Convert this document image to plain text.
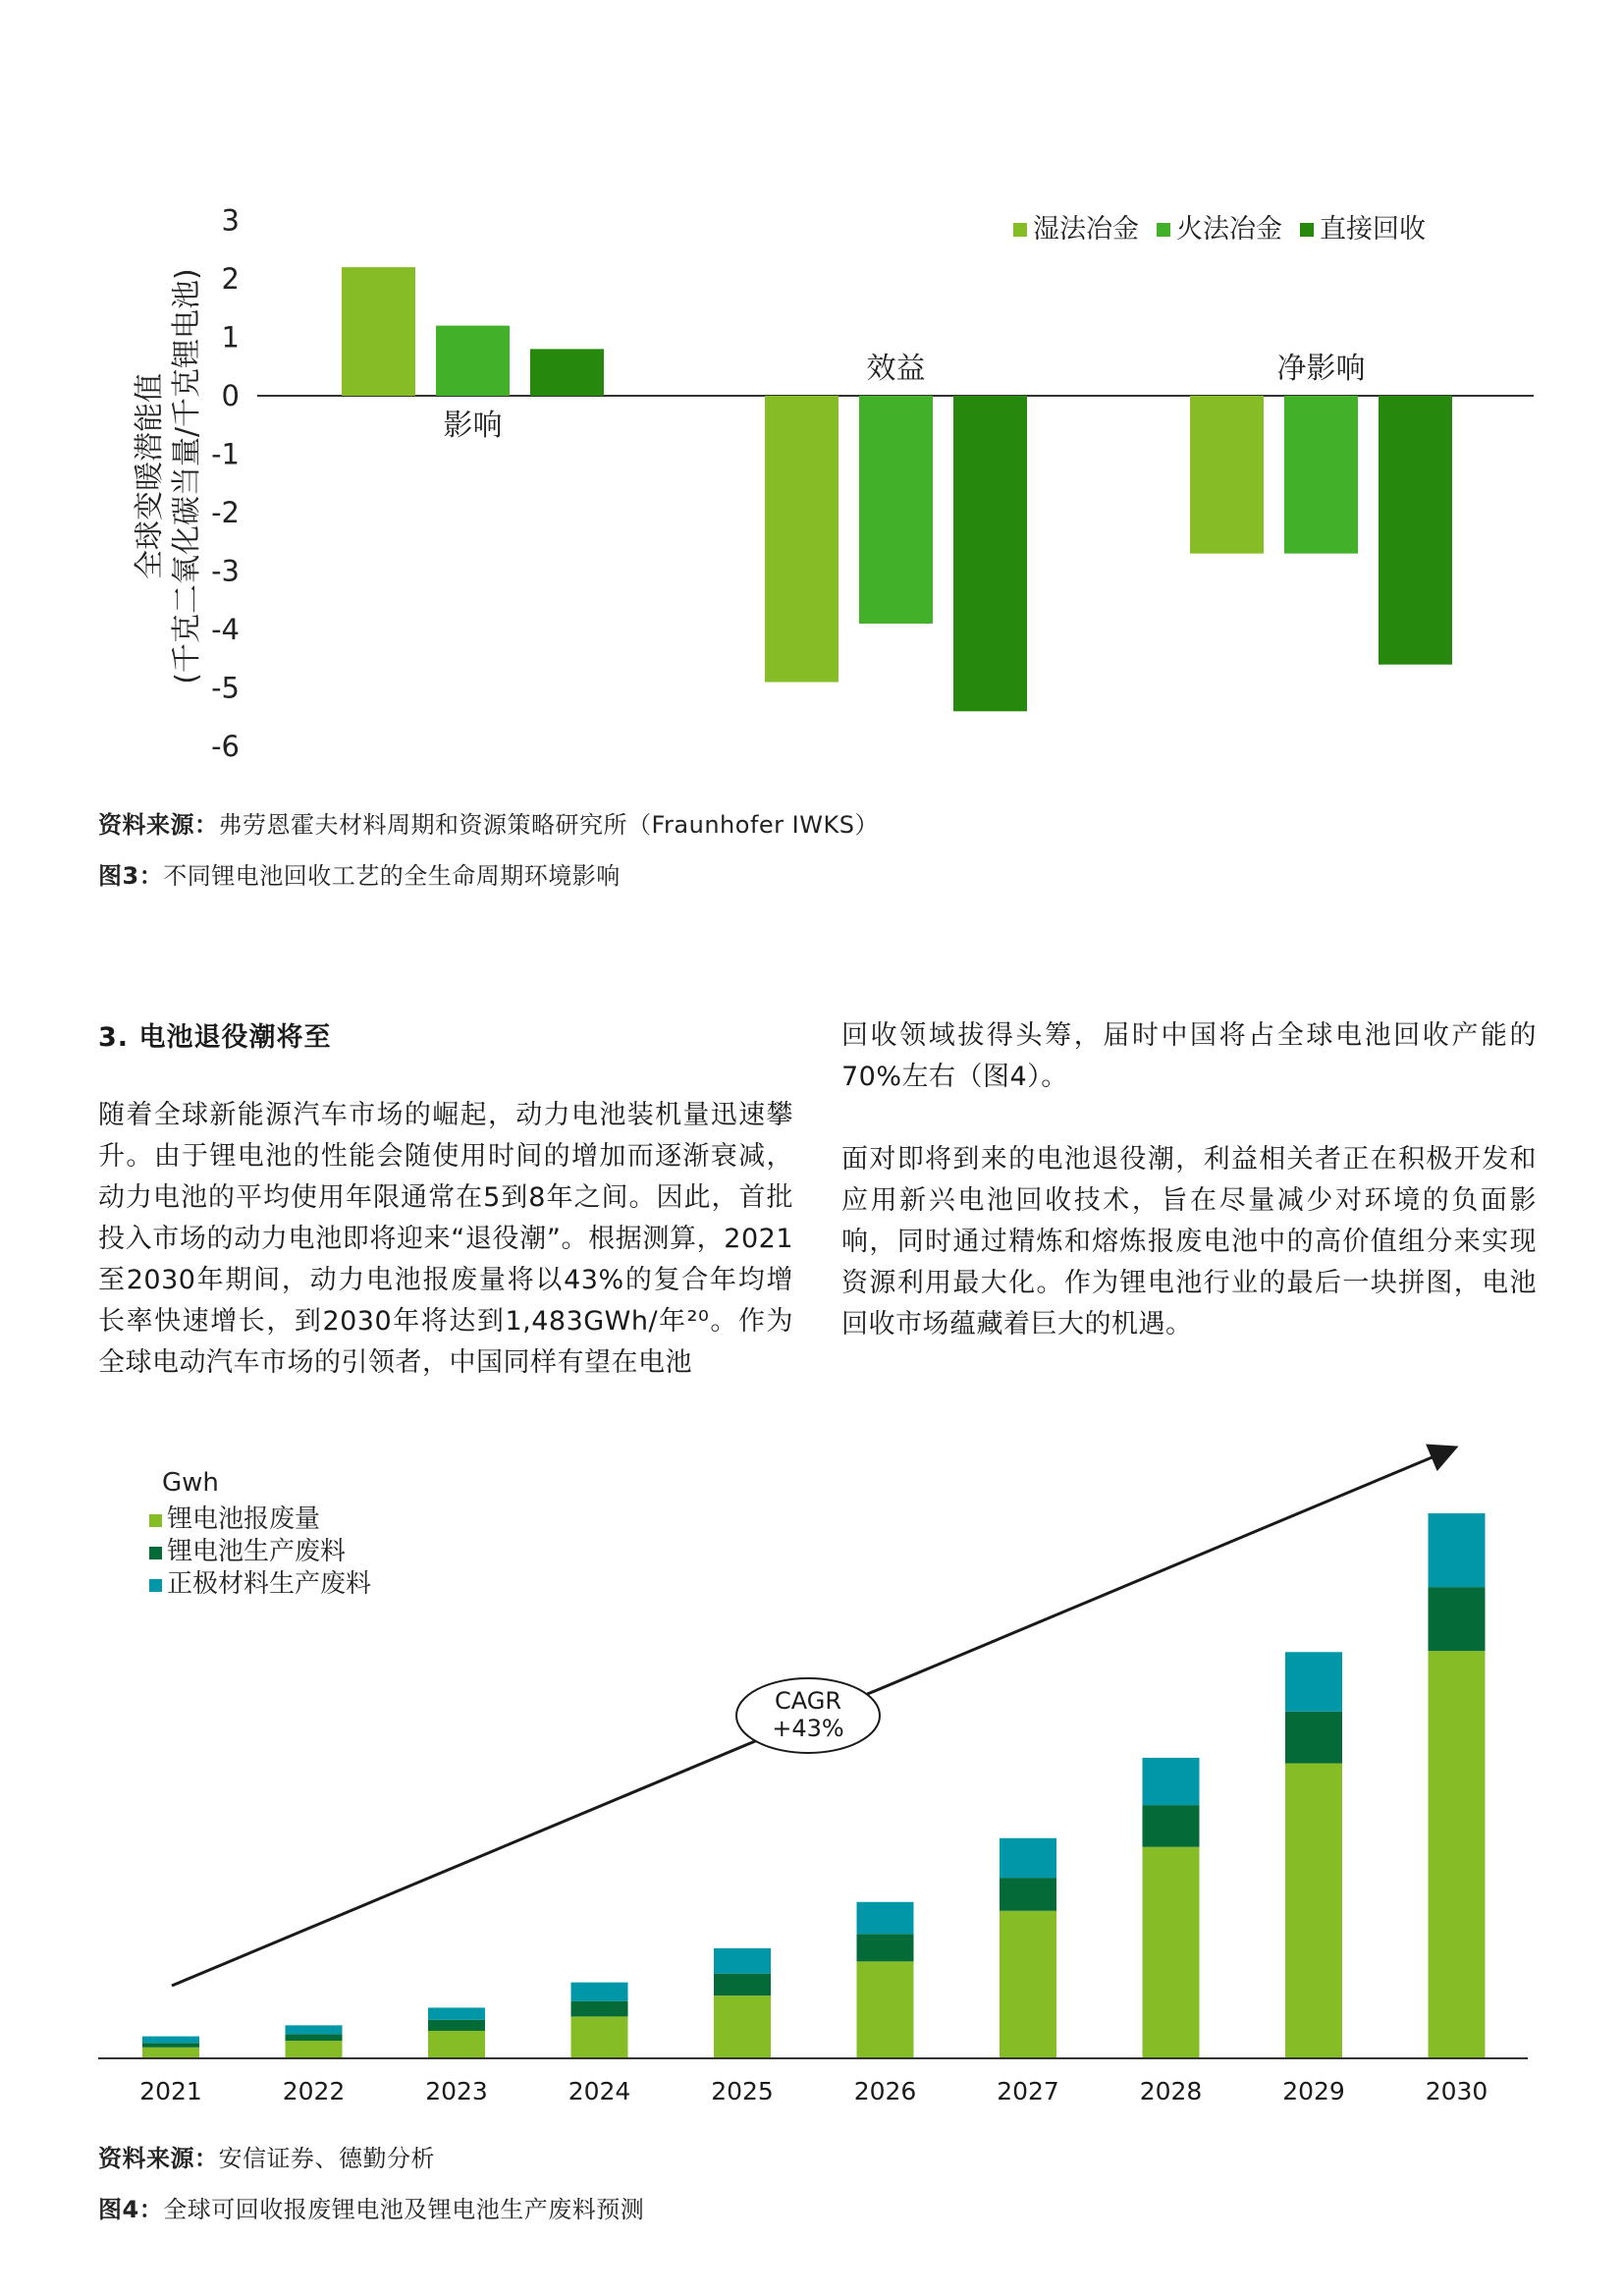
3
2
1
0
-1
-2
-3
-4
-5
-6
全球变暖潜能值 (千克二氧化碳当量/千克锂电池)	影响
效益	净影响
湿法冶金 火法冶金 直接回收
资料来源：弗劳恩霍夫材料周期和资源策略研究所（Fraunhofer IWKS）
图3：不同锂电池回收工艺的全生命周期环境影响
3. 电池退役潮将至

随着全球新能源汽车市场的崛起，动力电池装机量迅速攀升。由于锂电池的性能会随使用时间的增加而逐渐衰减，动力电池的平均使用年限通常在5到8年之间。因此，首批投入市场的动力电池即将迎来“退役潮”。根据测算，2021至2030年期间，动力电池报废量将以43%的复合年均增长率快速增长，到2030年将达到1,483GWh/年²⁰。作为全球电动汽车市场的引领者，中国同样有望在电池

回收领域拔得头筹，届时中国将占全球电池回收产能的70%左右（图4）。

面对即将到来的电池退役潮，利益相关者正在积极开发和应用新兴电池回收技术，旨在尽量减少对环境的负面影响，同时通过精炼和熔炼报废电池中的高价值组分来实现资源利用最大化。作为锂电池行业的最后一块拼图，电池回收市场蕴藏着巨大的机遇。

Gwh
锂电池报废量
锂电池生产废料
正极材料生产废料
CAGR
+43%
2021	2022	2023	2024	2025	2026	2027	2028	2029	2030
资料来源：安信证券、德勤分析
图4：全球可回收报废锂电池及锂电池生产废料预测
